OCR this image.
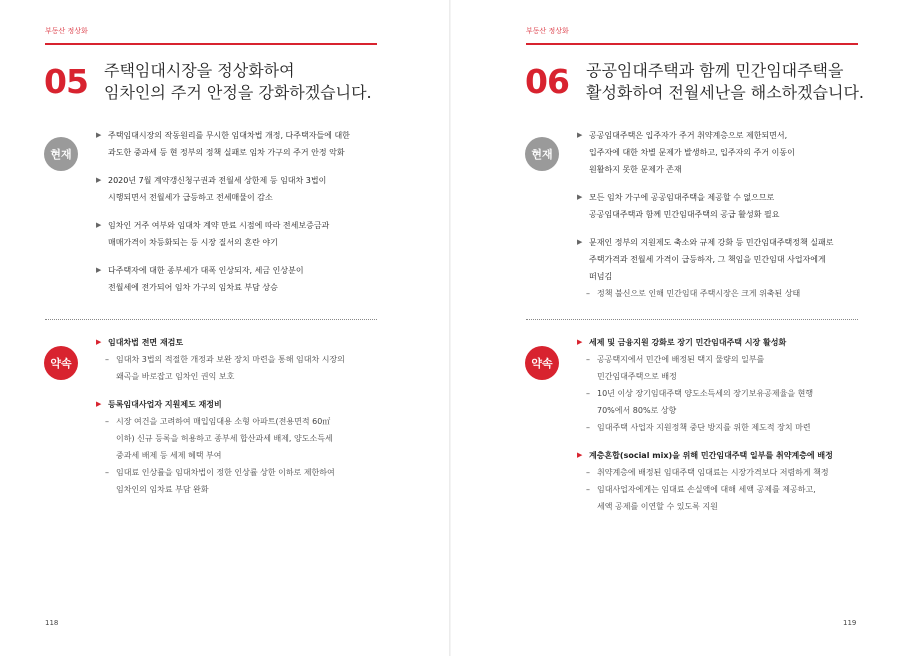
부동산 정상화
05 주택임대시장을 정상화하여
임차인의 주거 안정을 강화하겠습니다.
현재
▶ 주택임대시장의 작동원리를 무시한 임대차법 개정, 다주택자들에 대한
과도한 중과세 등 현 정부의 정책 실패로 임차 가구의 주거 안정 악화
▶ 2020년 7월 계약갱신청구권과 전월세 상한제 등 임대차 3법이
시행되면서 전월세가 급등하고 전세매물이 감소
▶ 임차인 거주 여부와 임대차 계약 만료 시점에 따라 전세보증금과
매매가격이 차등화되는 등 시장 질서의 혼란 야기
▶ 다주택자에 대한 종부세가 대폭 인상되자, 세금 인상분이
전월세에 전가되어 임차 가구의 임차료 부담 상승
약속
▶ 임대차법 전면 재검토
– 임대차 3법의 적절한 개정과 보완 장치 마련을 통해 임대차 시장의
왜곡을 바로잡고 임차인 권익 보호
▶ 등록임대사업자 지원제도 재정비
– 시장 여건을 고려하여 매입임대용 소형 아파트(전용면적 60㎡
이하) 신규 등록을 허용하고 종부세 합산과세 배제, 양도소득세
중과세 배제 등 세제 혜택 부여
– 임대료 인상률을 임대차법이 정한 인상률 상한 이하로 제한하여
임차인의 임차료 부담 완화
118
부동산 정상화
06 공공임대주택과 함께 민간임대주택을
활성화하여 전월세난을 해소하겠습니다.
현재
▶ 공공임대주택은 입주자가 주거 취약계층으로 제한되면서,
입주자에 대한 차별 문제가 발생하고, 입주자의 주거 이동이
원활하지 못한 문제가 존재
▶ 모든 임차 가구에 공공임대주택을 제공할 수 없으므로
공공임대주택과 함께 민간임대주택의 공급 활성화 필요
▶ 문재인 정부의 지원제도 축소와 규제 강화 등 민간임대주택정책 실패로
주택가격과 전월세 가격이 급등하자, 그 책임을 민간임대 사업자에게
떠넘김
– 정책 불신으로 인해 민간임대 주택시장은 크게 위축된 상태
약속
▶ 세제 및 금융지원 강화로 장기 민간임대주택 시장 활성화
– 공공택지에서 민간에 배정된 택지 물량의 일부를
민간임대주택으로 배정
– 10년 이상 장기임대주택 양도소득세의 장기보유공제율을 현행
70%에서 80%로 상향
– 임대주택 사업자 지원정책 중단 방지를 위한 제도적 장치 마련
▶ 계층혼합(social mix)을 위해 민간임대주택 일부를 취약계층에 배정
– 취약계층에 배정된 임대주택 임대료는 시장가격보다 저렴하게 책정
– 임대사업자에게는 임대료 손실액에 대해 세액 공제를 제공하고,
세액 공제를 이연할 수 있도록 지원
119
